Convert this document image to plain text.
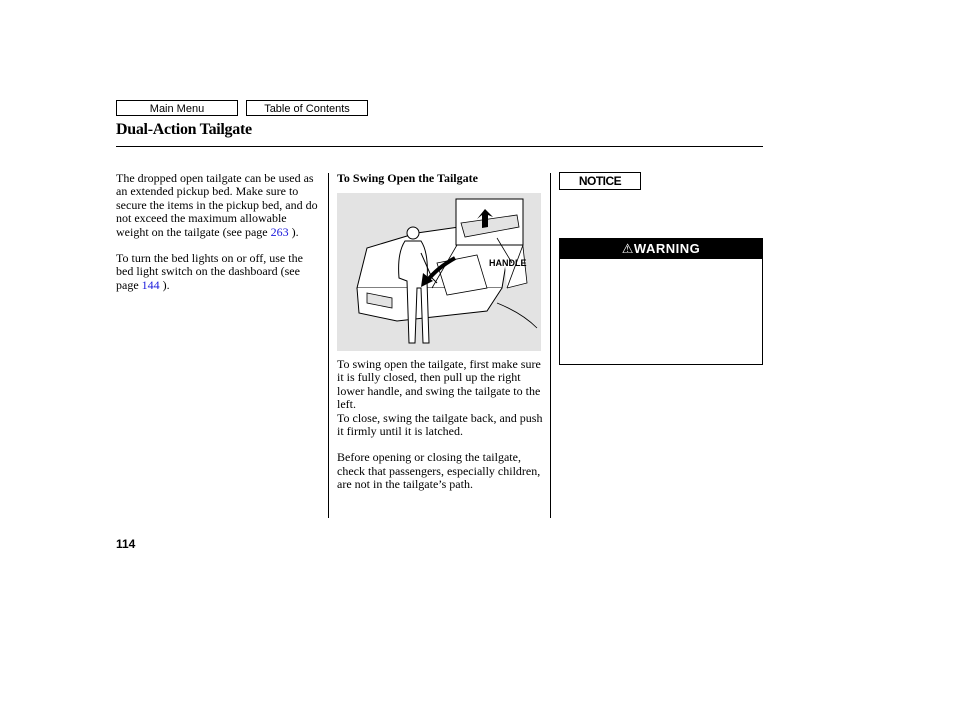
Main Menu	Table of Contents
Dual-Action Tailgate

The dropped open tailgate can be used as an extended pickup bed. Make sure to secure the items in the pickup bed, and do not exceed the maximum allowable weight on the tailgate (see page 263 ).

To turn the bed lights on or off, use the bed light switch on the dashboard (see page 144 ).

To Swing Open the Tailgate
HANDLE

To swing open the tailgate, first make sure it is fully closed, then pull up the right lower handle, and swing the tailgate to the left.

To close, swing the tailgate back, and push it firmly until it is latched.

Before opening or closing the tailgate, check that passengers, especially children, are not in the tailgate’s path.

NOTICE
⚠WARNING
114
